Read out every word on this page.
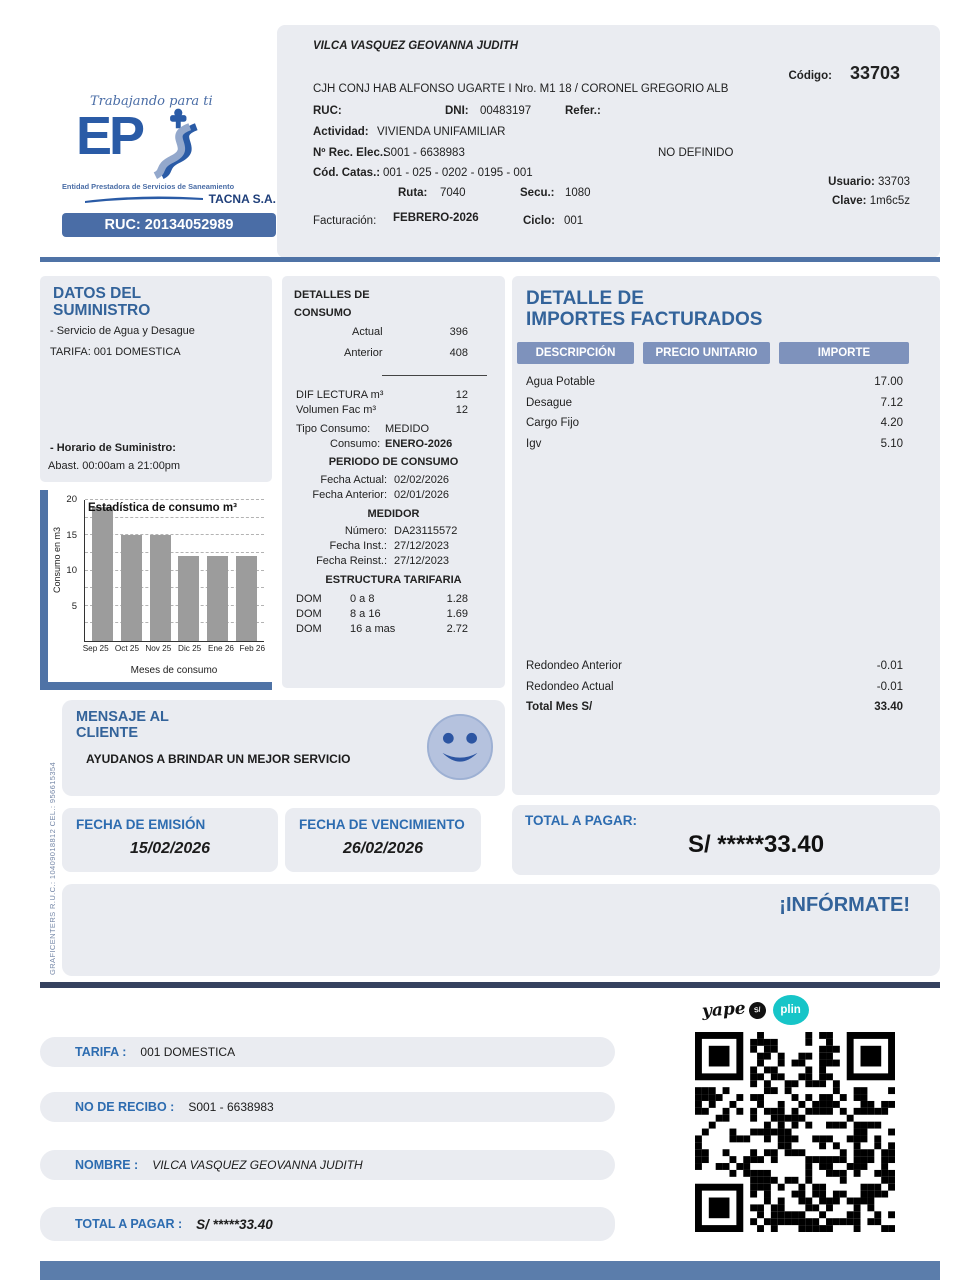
GRAFICENTERS R.U.C.: 10409018812 CEL.: 956615354
Trabajando para ti
EP
Entidad Prestadora de Servicios de Saneamiento
TACNA S.A.
RUC: 20134052989
VILCA VASQUEZ GEOVANNA JUDITH
Código: 33703
CJH CONJ HAB ALFONSO UGARTE I Nro. M1 18 / CORONEL GREGORIO ALB
RUC:	DNI: 00483197	Refer.:
Actividad: VIVIENDA UNIFAMILIAR
Nº Rec. Elec.:
S001 - 6638983	NO DEFINIDO
Cód. Catas.: 001 - 025 - 0202 - 0195 - 001
Ruta: 7040	Secu.: 1080
Usuario: 33703
Clave: 1m6c5z
Facturación: FEBRERO-2026	Ciclo: 001
DATOS DEL SUMINISTRO
- Servicio de Agua y Desague
TARIFA: 001 DOMESTICA
- Horario de Suministro:
Abast. 00:00am a 21:00pm
Estadística de consumo m³
Consumo en m3
5
10
15
20
Sep 25 Oct 25 Nov 25 Dic 25 Ene 26 Feb 26
Meses de consumo
DETALLES DE
CONSUMO
Actual	396
Anterior	408
DIF LECTURA m³	12
Volumen Fac m³	12
Tipo Consumo: MEDIDO
Consumo: ENERO-2026
PERIODO DE CONSUMO
Fecha Actual: 02/02/2026
Fecha Anterior: 02/01/2026
MEDIDOR
Número: DA23115572
Fecha Inst.: 27/12/2023
Fecha Reinst.: 27/12/2023
ESTRUCTURA TARIFARIA
DOM	0 a 8	1.28
DOM	8 a 16	1.69
DOM	16 a mas	2.72
DETALLE DE
IMPORTES FACTURADOS
DESCRIPCIÓN	PRECIO UNITARIO	IMPORTE
Agua Potable	17.00
Desague	7.12
Cargo Fijo	4.20
Igv	5.10
Redondeo Anterior	-0.01
Redondeo Actual	-0.01
Total Mes S/	33.40
MENSAJE AL
CLIENTE
AYUDANOS A BRINDAR UN MEJOR SERVICIO
FECHA DE EMISIÓN
15/02/2026
FECHA DE VENCIMIENTO
26/02/2026
TOTAL A PAGAR:
S/ *****33.40
¡INFÓRMATE!
yape	S/	plin
TARIFA : 001 DOMESTICA
NO DE RECIBO : S001 - 6638983
NOMBRE : VILCA VASQUEZ GEOVANNA JUDITH
TOTAL A PAGAR : S/ *****33.40
